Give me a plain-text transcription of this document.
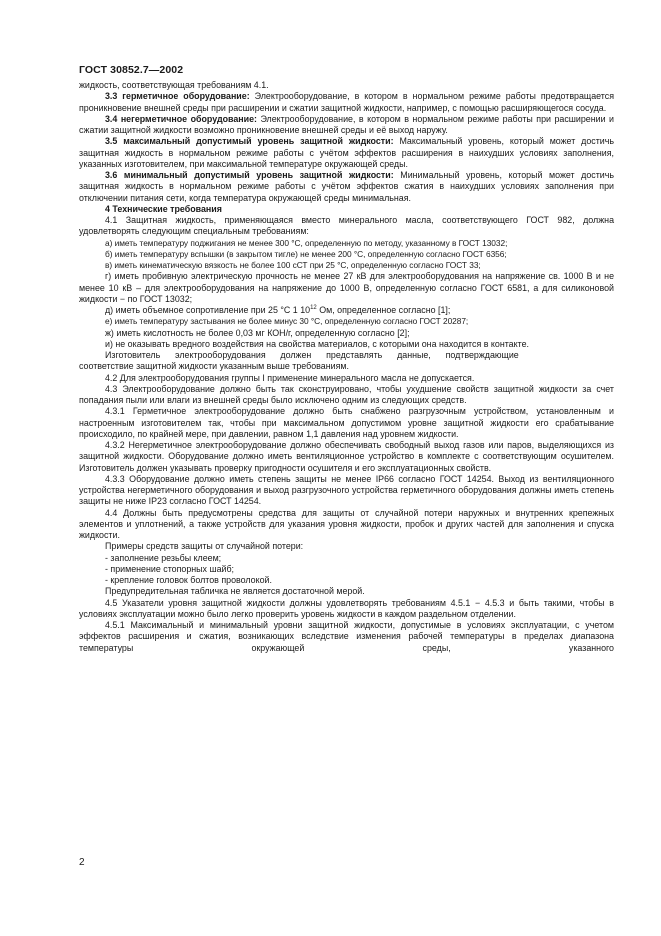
ГОСТ 30852.7—2002

жидкость, соответствующая требованиям 4.1.

3.3 герметичное оборудование: Электрооборудование, в котором в нормальном режиме работы предотвращается проникновение внешней среды при расширении и сжатии защитной жидкости, например, с помощью расширяющегося сосуда.

3.4 негерметичное оборудование: Электрооборудование, в котором в нормальном режиме работы при расширении и сжатии защитной жидкости возможно проникновение внешней среды и её выход наружу.

3.5 максимальный допустимый уровень защитной жидкости: Максимальный уровень, который может достичь защитная жидкость в нормальном режиме работы с учётом эффектов расширения в наихудших условиях заполнения, указанных изготовителем, при максимальной температуре окружающей среды.

3.6 минимальный допустимый уровень защитной жидкости: Минимальный уровень, который может достичь защитная жидкость в нормальном режиме работы с учётом эффектов сжатия в наихудших условиях заполнения при отключении питания сети, когда температура окружающей среды минимальная.

4 Технические требования

4.1 Защитная жидкость, применяющаяся вместо минерального масла, соответствующего ГОСТ 982, должна удовлетворять следующим специальным требованиям:

а) иметь температуру поджигания не менее 300 °С, определенную по методу, указанному в ГОСТ 13032;

б) иметь температуру вспышки (в закрытом тигле) не менее 200 °С, определенную согласно ГОСТ 6356;

в) иметь кинематическую вязкость не более 100 сСТ при 25 °С, определенную согласно ГОСТ 33;

г) иметь пробивную электрическую прочность не менее 27 кВ для электрооборудования на напряжение св. 1000 В и не менее 10 кВ – для электрооборудования на напряжение до 1000 В, определенную согласно ГОСТ 6581, а для силиконовой жидкости − по ГОСТ 13032;

д) иметь объемное сопротивление при 25 °С 1 $10^{12}$ Ом, определенное согласно [1];

е) иметь температуру застывания не более минус 30 °С, определенную согласно ГОСТ 20287;

ж) иметь кислотность не более 0,03 мг КОН/г, определенную согласно [2];

и) не оказывать вредного воздействия на свойства материалов, с которыми она находится в контакте.

Изготовитель      электрооборудования      должен      представлять      данные,      подтверждающие

соответствие защитной жидкости указанным выше требованиям.

4.2 Для электрооборудования группы I применение минерального масла не допускается.

4.3 Электрооборудование должно быть так сконструировано, чтобы ухудшение свойств защитной жидкости за счет попадания пыли или влаги из внешней среды было исключено одним из следующих средств.

4.3.1 Герметичное электрооборудование должно быть снабжено разгрузочным устройством, установленным и настроенным изготовителем так, чтобы при максимальном допустимом уровне защитной жидкости его срабатывание происходило, по крайней мере, при давлении, равном 1,1 давления над уровнем жидкости.

4.3.2 Негерметичное электрооборудование должно обеспечивать свободный выход газов или паров, выделяющихся из защитной жидкости. Оборудование должно иметь вентиляционное устройство в комплекте с соответствующим осушителем. Изготовитель должен указывать проверку пригодности осушителя и его эксплуатационных свойств.

4.3.3 Оборудование должно иметь степень защиты не менее IP66 согласно ГОСТ 14254. Выход из вентиляционного устройства негерметичного оборудования и выход разгрузочного устройства герметичного оборудования должны иметь степень защиты не ниже IP23 согласно ГОСТ 14254.

4.4 Должны быть предусмотрены средства для защиты от случайной потери наружных и внутренних крепежных элементов и уплотнений, а также устройств для указания уровня жидкости, пробок и других частей для заполнения и спуска жидкости.

Примеры средств защиты от случайной потери:

- заполнение резьбы клеем;

- применение стопорных шайб;

- крепление головок болтов проволокой.

Предупредительная табличка не является достаточной мерой.

4.5 Указатели уровня защитной жидкости должны удовлетворять требованиям 4.5.1 − 4.5.3 и быть такими, чтобы в условиях эксплуатации можно было легко проверить уровень жидкости в каждом раздельном отделении.

4.5.1 Максимальный и минимальный уровни защитной жидкости, допустимые в условиях эксплуатации, с учетом эффектов расширения и сжатия, возникающих вследствие изменения рабочей температуры в пределах диапазона температуры окружающей среды, указанного

2
